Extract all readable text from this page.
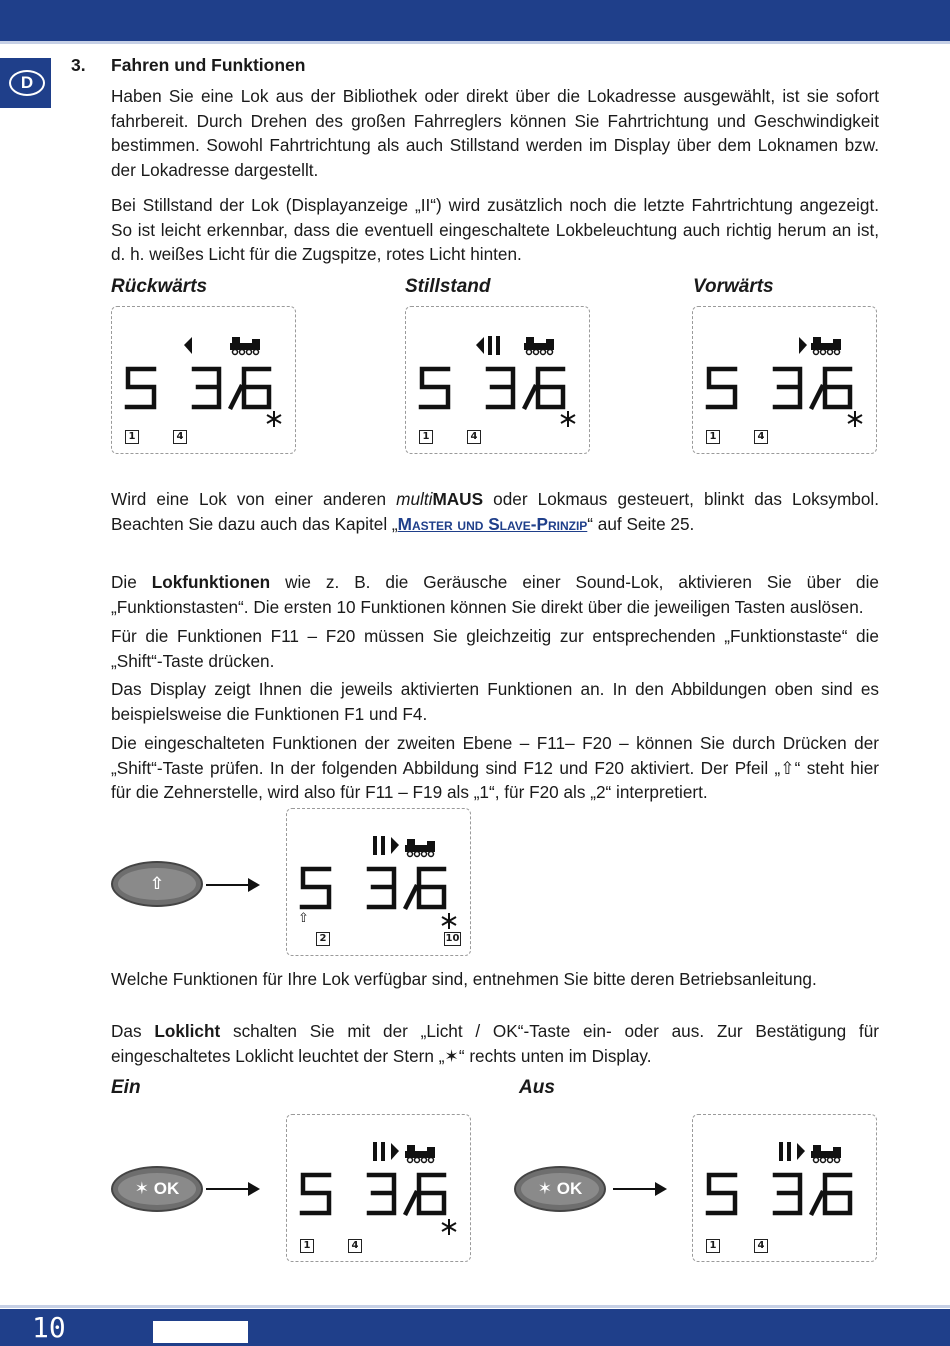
D
3. Fahren und Funktionen

Haben Sie eine Lok aus der Bibliothek oder direkt über die Lokadresse ausgewählt, ist sie sofort fahrbereit. Durch Drehen des großen Fahrreglers können Sie Fahrtrichtung und Geschwindigkeit bestimmen. Sowohl Fahrtrichtung als auch Stillstand werden im Display über dem Loknamen bzw. der Lokadresse dargestellt.

Bei Stillstand der Lok (Displayanzeige „II“) wird zusätzlich noch die letzte Fahrtrichtung angezeigt. So ist leicht erkennbar, dass die eventuell eingeschaltete Lokbeleuchtung auch richtig herum an ist, d. h. weißes Licht für die Zugspitze, rotes Licht hinten.

Rückwärts	Stillstand	Vorwärts
1	4	1	4	1	4

Wird eine Lok von einer anderen multiMAUS oder Lokmaus gesteuert, blinkt das Loksymbol. Beachten Sie dazu auch das Kapitel „Master und Slave-Prinzip“ auf Seite 25.

Die Lokfunktionen wie z. B. die Geräusche einer Sound-Lok, aktivieren Sie über die „Funktionstasten“. Die ersten 10 Funktionen können Sie direkt über die jeweiligen Tasten auslösen.

Für die Funktionen F11 – F20 müssen Sie gleichzeitig zur entsprechenden „Funktionstaste“ die „Shift“-Taste drücken.

Das Display zeigt Ihnen die jeweils aktivierten Funktionen an. In den Abbildungen oben sind es beispielsweise die Funktionen F1 und F4.

Die eingeschalteten Funktionen der zweiten Ebene – F11– F20 – können Sie durch Drücken der „Shift“-Taste prüfen. In der folgenden Abbildung sind F12 und F20 aktiviert. Der Pfeil „⇧“ steht hier für die Zehnerstelle, wird also für F11 – F19 als „1“, für F20 als „2“ interpretiert.

⇧
⇧
2	10

Welche Funktionen für Ihre Lok verfügbar sind, entnehmen Sie bitte deren Betriebsanleitung.

Das Loklicht schalten Sie mit der „Licht / OK“-Taste ein- oder aus. Zur Bestätigung für eingeschaltetes Loklicht leuchtet der Stern „✶“ rechts unten im Display.

Ein	Aus
✶ OK
1	4
✶ OK
1	4
10
